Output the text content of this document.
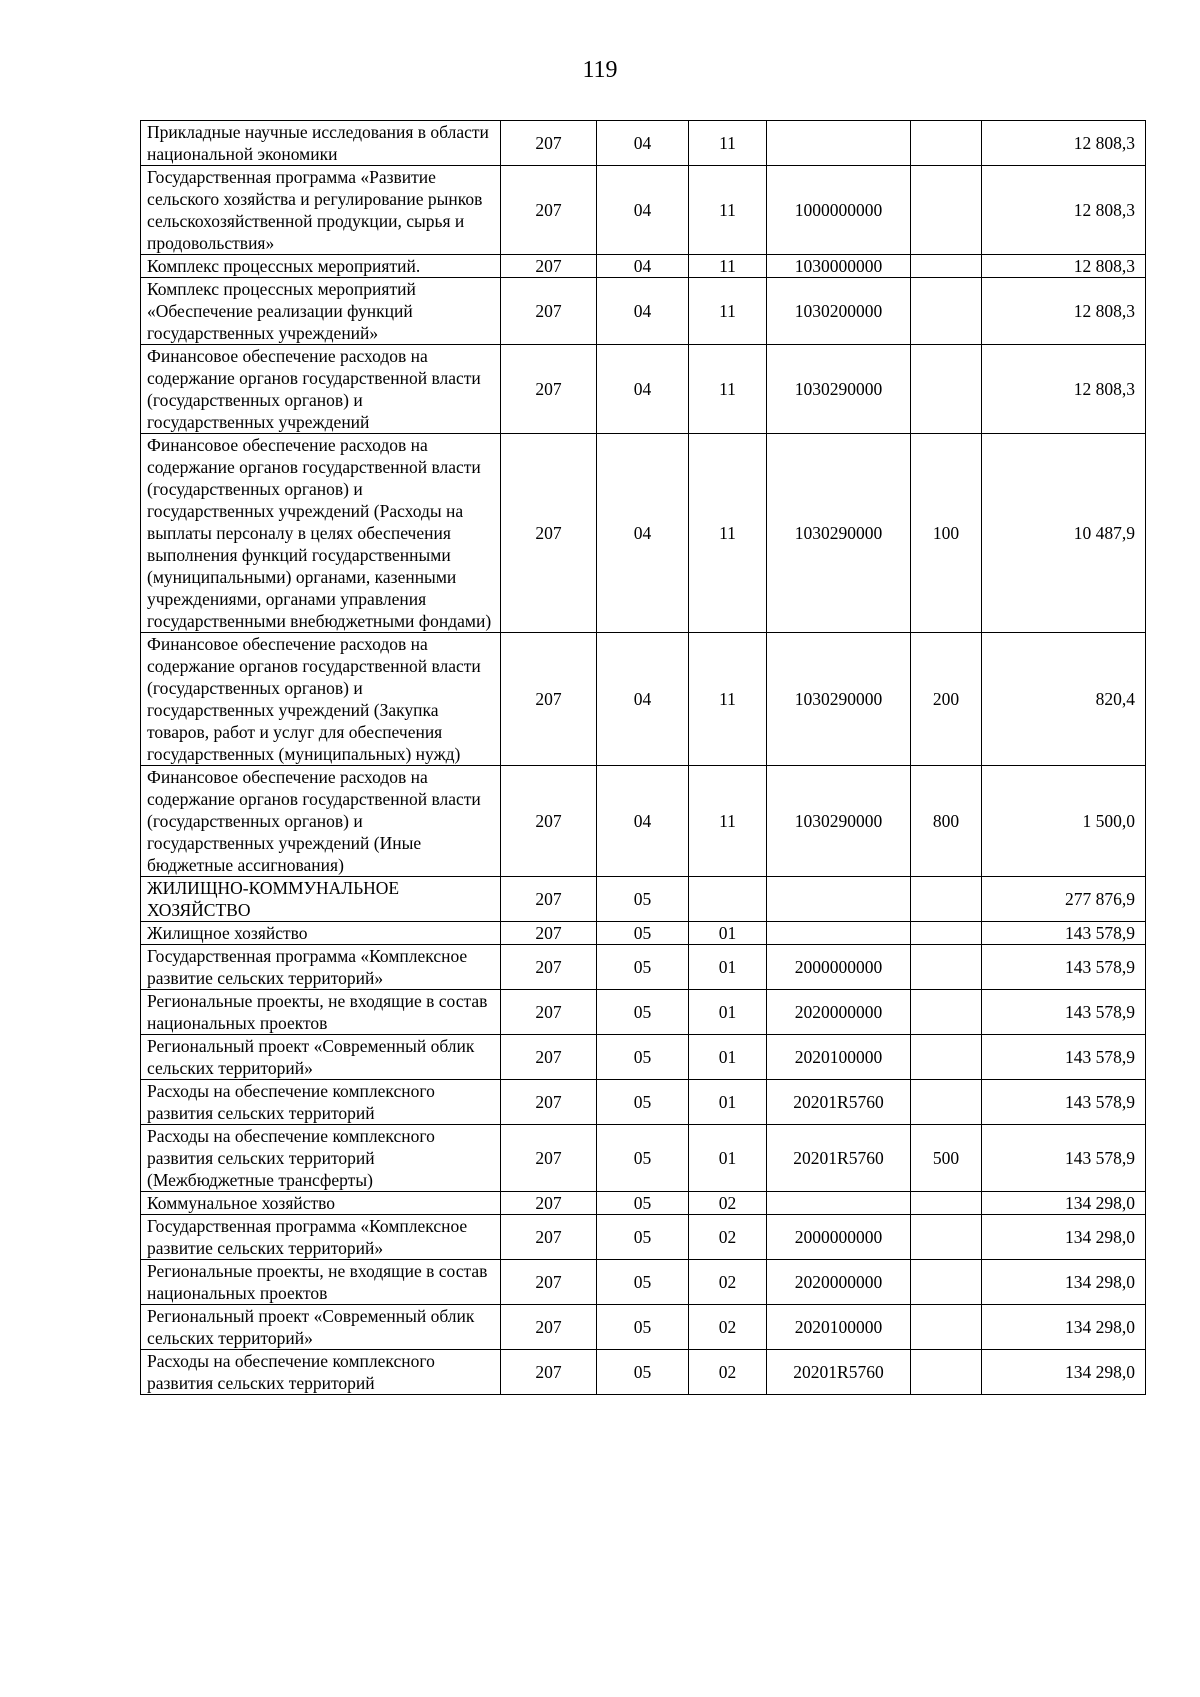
119
Прикладные научные исследования в области национальной экономики	207	04	11			12 808,3
Государственная программа «Развитие сельского хозяйства и регулирование рынков сельскохозяйственной продукции, сырья и продовольствия»	207	04	11	1000000000		12 808,3
Комплекс процессных мероприятий.	207	04	11	1030000000		12 808,3
Комплекс процессных мероприятий «Обеспечение реализации функций государственных учреждений»	207	04	11	1030200000		12 808,3
Финансовое обеспечение расходов на содержание органов государственной власти (государственных органов) и государственных учреждений	207	04	11	1030290000		12 808,3
Финансовое обеспечение расходов на содержание органов государственной власти (государственных органов) и государственных учреждений (Расходы на выплаты персоналу в целях обеспечения выполнения функций государственными (муниципальными) органами, казенными учреждениями, органами управления государственными внебюджетными фондами)	207	04	11	1030290000	100	10 487,9
Финансовое обеспечение расходов на содержание органов государственной власти (государственных органов) и государственных учреждений (Закупка товаров, работ и услуг для обеспечения государственных (муниципальных) нужд)	207	04	11	1030290000	200	820,4
Финансовое обеспечение расходов на содержание органов государственной власти (государственных органов) и государственных учреждений (Иные бюджетные ассигнования)	207	04	11	1030290000	800	1 500,0
ЖИЛИЩНО-КОММУНАЛЬНОЕ ХОЗЯЙСТВО	207	05				277 876,9
Жилищное хозяйство	207	05	01			143 578,9
Государственная программа «Комплексное развитие сельских территорий»	207	05	01	2000000000		143 578,9
Региональные проекты, не входящие в состав национальных проектов	207	05	01	2020000000		143 578,9
Региональный проект «Современный облик сельских территорий»	207	05	01	2020100000		143 578,9
Расходы на обеспечение комплексного развития сельских территорий	207	05	01	20201R5760		143 578,9
Расходы на обеспечение комплексного развития сельских территорий (Межбюджетные трансферты)	207	05	01	20201R5760	500	143 578,9
Коммунальное хозяйство	207	05	02			134 298,0
Государственная программа «Комплексное развитие сельских территорий»	207	05	02	2000000000		134 298,0
Региональные проекты, не входящие в состав национальных проектов	207	05	02	2020000000		134 298,0
Региональный проект «Современный облик сельских территорий»	207	05	02	2020100000		134 298,0
Расходы на обеспечение комплексного развития сельских территорий	207	05	02	20201R5760		134 298,0
